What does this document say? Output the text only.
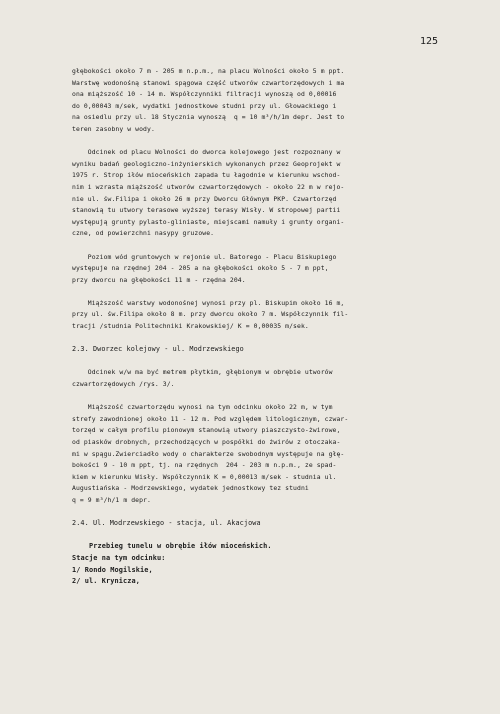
125
głębokości około 7 m - 205 m n.p.m., na placu Wolności około 5 m ppt.
Warstwę wodonośną stanowi spągowa część utworów czwartorzędowych i ma
ona miąższość 10 - 14 m. Współczynniki filtracji wynoszą od 0,00016
do 0,00043 m/sek, wydatki jednostkowe studni przy ul. Głowackiego i
na osiedlu przy ul. 18 Stycznia wynoszą  q = 10 m³/h/1m depr. Jest to
teren zasobny w wody.
Odcinek od placu Wolności do dworca kolejowego jest rozpoznany w
wyniku badań geologiczno-inżynierskich wykonanych przez Geoprojekt w
1975 r. Strop iłów mioceńskich zapada tu łagodnie w kierunku wschod-
nim i wzrasta miąższość utworów czwartorzędowych - około 22 m w rejo-
nie ul. św.Filipa i około 26 m przy Dworcu Głównym PKP. Czwartorzęd
stanowią tu utwory terasowe wyższej terasy Wisły. W stropowej partii
występują grunty pylasto-gliniaste, miejscami namuły i grunty organi-
czne, od powierzchni nasypy gruzowe.
Poziom wód gruntowych w rejonie ul. Batorego - Placu Biskupiego
występuje na rzędnej 204 - 205 a na głębokości około 5 - 7 m ppt,
przy dworcu na głębokości 11 m - rzędna 204.
Miąższość warstwy wodonośnej wynosi przy pl. Biskupim około 16 m,
przy ul. św.Filipa około 8 m. przy dworcu około 7 m. Współczynnik fil-
tracji /studnia Politechniki Krakowskiej/ K = 0,00035 m/sek.
2.3. Dworzec kolejowy - ul. Modrzewskiego
Odcinek w/w ma być metrem płytkim, głębionym w obrębie utworów
czwartorzędowych /rys. 3/.
Miąższość czwartorzędu wynosi na tym odcinku około 22 m, w tym
strefy zawodnionej około 11 - 12 m. Pod względem litologicznym, czwar-
torzęd w całym profilu pionowym stanowią utwory piaszczysto-żwirowe,
od piasków drobnych, przechodzących w pospółki do żwirów z otoczaka-
mi w spągu.Zwierciadło wody o charakterze swobodnym występuje na głę-
bokości 9 - 10 m ppt, tj. na rzędnych  204 - 203 m n.p.m., ze spad-
kiem w kierunku Wisły. Współczynnik K = 0,00013 m/sek - studnia ul.
Augustiańska - Modrzewskiego, wydatek jednostkowy tez studni
q = 9 m³/h/1 m depr.
2.4. Ul. Modrzewskiego - stacja, ul. Akacjowa
Przebieg tunelu w obrębie iłów mioceńskich.
Stacje na tym odcinku:
1/ Rondo Mogilskie,
2/ ul. Krynicza,
